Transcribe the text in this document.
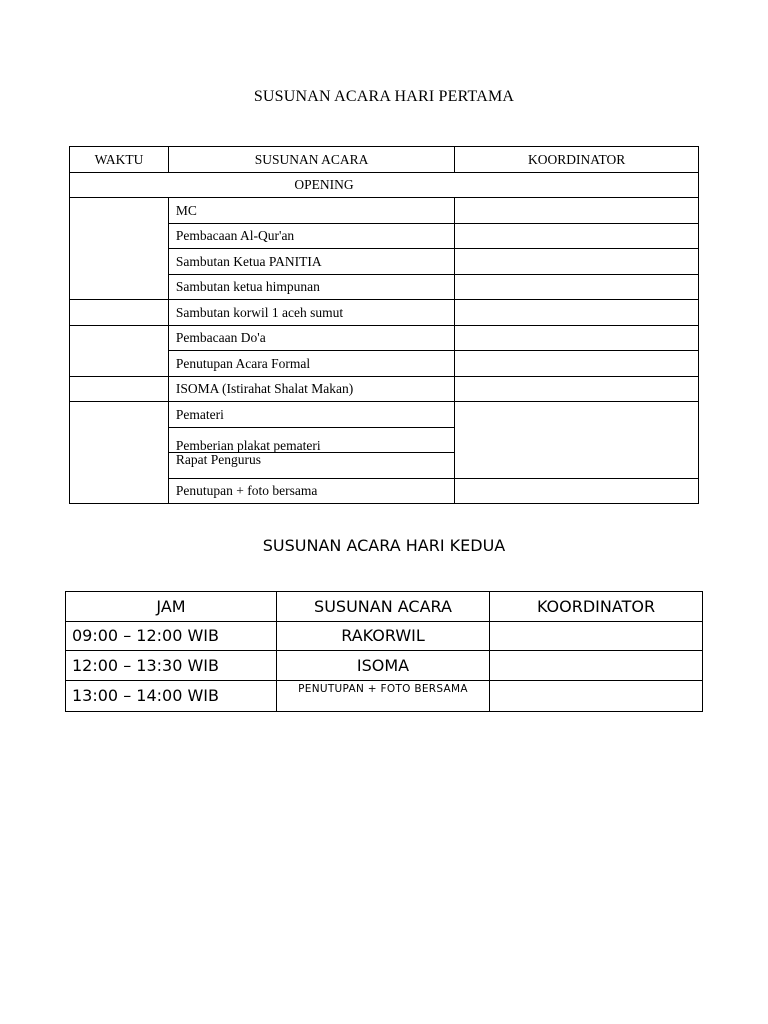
SUSUNAN ACARA HARI PERTAMA
WAKTU	SUSUNAN ACARA	KOORDINATOR
OPENING		
	MC	
	Pembacaan Al-Qur'an	
	Sambutan Ketua PANITIA	
	Sambutan ketua himpunan	
	Sambutan korwil 1 aceh sumut	
	Pembacaan Do'a	
	Penutupan Acara Formal	
	ISOMA (Istirahat Shalat Makan)	
	Pemateri	
	Pemberian plakat pemateri	
	Rapat Pengurus	
	Penutupan + foto bersama	
SUSUNAN ACARA HARI KEDUA
JAM	SUSUNAN ACARA	KOORDINATOR
09:00 – 12:00 WIB	RAKORWIL	
12:00 – 13:30 WIB	ISOMA	
13:00 – 14:00 WIB	PENUTUPAN + FOTO BERSAMA	
